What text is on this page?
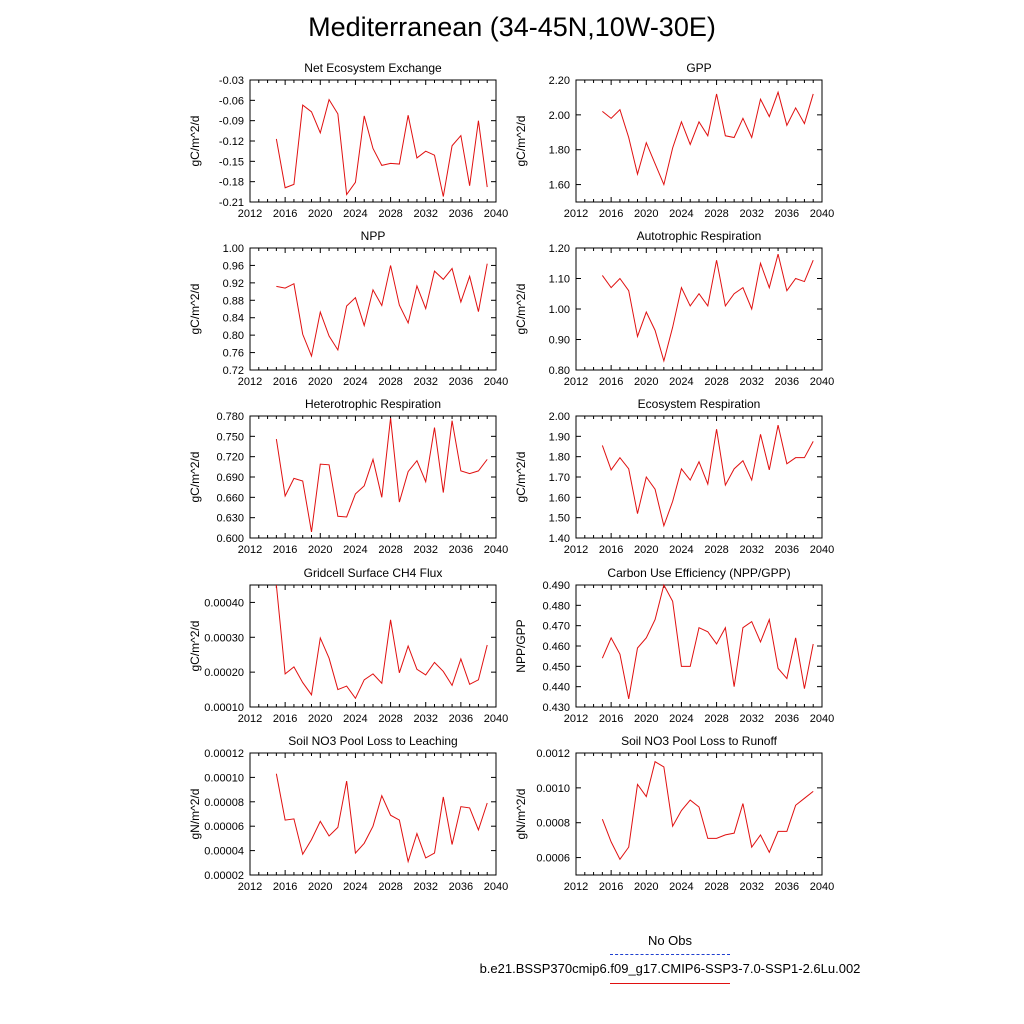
Mediterranean (34-45N,10W-30E)
Net Ecosystem Exchange
gC/m^2/d
2012 2016 2020 2024 2028 2032 2036 2040
-0.21
-0.18
-0.15
-0.12
-0.09
-0.06
-0.03
GPP
gC/m^2/d
2012 2016 2020 2024 2028 2032 2036 2040
1.60
1.80
2.00
2.20
NPP
gC/m^2/d
2012 2016 2020 2024 2028 2032 2036 2040
0.72
0.76
0.80
0.84
0.88
0.92
0.96
1.00
Autotrophic Respiration
gC/m^2/d
2012 2016 2020 2024 2028 2032 2036 2040
0.80
0.90
1.00
1.10
1.20
Heterotrophic Respiration
gC/m^2/d
2012 2016 2020 2024 2028 2032 2036 2040
0.600
0.630
0.660
0.690
0.720
0.750
0.780
Ecosystem Respiration
gC/m^2/d
2012 2016 2020 2024 2028 2032 2036 2040
1.40
1.50
1.60
1.70
1.80
1.90
2.00
Gridcell Surface CH4 Flux
gC/m^2/d
2012 2016 2020 2024 2028 2032 2036 2040
0.00010
0.00020
0.00030
0.00040
Carbon Use Efficiency (NPP/GPP)
NPP/GPP
2012 2016 2020 2024 2028 2032 2036 2040
0.430
0.440
0.450
0.460
0.470
0.480
0.490
Soil NO3 Pool Loss to Leaching
gN/m^2/d
2012 2016 2020 2024 2028 2032 2036 2040
0.00002
0.00004
0.00006
0.00008
0.00010
0.00012
Soil NO3 Pool Loss to Runoff
gN/m^2/d
2012 2016 2020 2024 2028 2032 2036 2040
0.0006
0.0008
0.0010
0.0012
No Obs
b.e21.BSSP370cmip6.f09_g17.CMIP6-SSP3-7.0-SSP1-2.6Lu.002
